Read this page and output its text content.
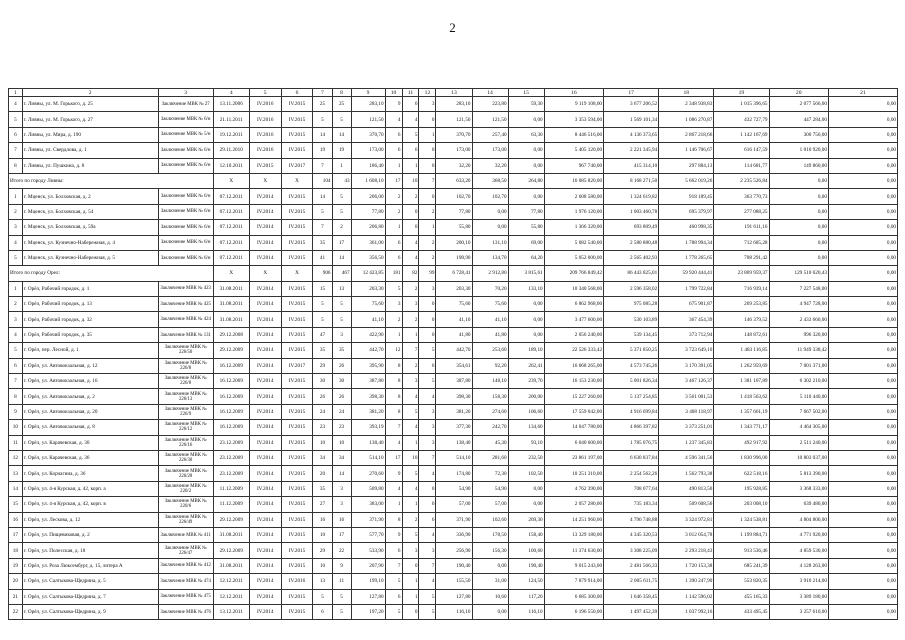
2
1	2	3	4	5	6	7	8	9	10	11	12	13	14	15	16	17	18	19	20	21
4	г. Ливны, ул. М. Горького, д. 25	Заключение МВК № 27	13.11.2006	IV.2016	IV.2015	25	25	283,10	9	6	3	283,10	223,80	59,30	9 119 108,00	3 677 206,52	2 348 938,83	1 015 396,65	2 077 566,00	0,00
5	г. Ливны, ул. М. Горького, д. 27	Заключение МВК № 6/н	21.11.2011	IV.2016	IV.2015	5	5	121,50	4	4	0	121,50	121,50	0,00	3 353 594,00	1 569 101,34	1 086 270,87	432 727,79	447 284,00	0,00
6	г. Ливны, ул. Мира, д. 190	Заключение МВК № 5/н	19.12.2011	IV.2016	IV.2015	14	14	370,70	6	5	1	370,70	257,40	63,30	8 446 516,00	4 136 373,65	2 867 218,66	1 142 167,69	300 756,00	0,00
7	г. Ливны, ул. Свердлова, д. 1	Заключение МВК № 6/н	29.11.2010	IV.2016	IV.2015	19	19	173,00	6	6	0	173,00	173,00	0,00	5 405 120,00	2 221 345,94	1 146 706,67	616 147,59	1 010 920,00	0,00
8	г. Ливны, ул. Пушкина, д. 8	Заключение МВК № 6/н	12.10.2011	IV.2015	IV.2017	7	1	186,40	1	1	0	32,20	32,20	0,00	967 740,00	415 314,10	297 884,13	114 681,77	149 860,00	0,00
Итого по городу Ливны:			X	X	X	104	43	1 608,10	17	10	7	633,20	368,50	264,80	16 085 820,00	8 168 271,50	5 662 019,26	2 235 526,84	0,00	0,00
1	г. Мценск, ул. Болховская, д. 2	Заключение МВК № 6/н	07.12.2011	IV.2014	IV.2015	14	5	206,00	2	2	0	102,70	102,70	0,00	2 608 580,00	1 324 619,82	918 189,45	363 770,73	0,00	0,00
2	г. Мценск, ул. Болховская, д. 54	Заключение МВК № 6/н	07.12.2011	IV.2014	IV.2015	5	5	77,80	2	0	2	77,80	0,00	77,80	1 976 120,00	1 003 460,78	695 379,97	277 088,25	0,00	0,00
3	г. Мценск, ул. Болховская, д. 59а	Заключение МВК № 6/н	07.12.2011	IV.2014	IV.2015	7	2	206,80	1	0	1	55,80	0,00	55,80	1 366 320,00	693 809,49	460 998,35	191 611,16	0,00	0,00
4	г. Мценск, ул. Кузнечно-Набережная, д. 4	Заключение МВК № 6/н	07.12.2011	IV.2014	IV.2015	35	17	361,00	6	4	2	200,10	131,10	69,00	5 082 540,00	2 580 880,48	1 788 994,34	712 685,28	0,00	0,00
5	г. Мценск, ул. Кузнечно-Набережная, д. 5	Заключение МВК № 6/н	07.12.2011	IV.2014	IV.2015	41	14	356,50	6	4	2	198,90	134,70	64,20	5 052 000,00	2 565 402,93	1 778 265,65	708 291,42	0,00	0,00
Итого по городу Орел:			X	X	X	906	467	12 423,85	181	82	99	6 728,41	2 912,80	3 815,61	209 766 849,42	86 443 825,01	59 920 444,41	23 869 959,37	129 510 620,43	0,00
1	г. Орёл, Рабочий городок, д. 1	Заключение МВК № 423	31.08.2011	IV.2014	IV.2015	15	13	203,30	5	2	3	203,30	70,20	133,10	10 340 568,00	2 596 358,02	1 799 722,84	716 939,14	7 227 548,00	0,00
2	г. Орёл, Рабочий городок, д. 13	Заключение МВК № 425	31.08.2011	IV.2014	IV.2015	5	5	75,60	3	3	0	75,60	75,60	0,00	6 862 968,00	975 085,28	675 901,87	269 253,85	4 947 728,00	0,00
3	г. Орёл, Рабочий городок, д. 32	Заключение МВК № 424	31.08.2011	IV.2014	IV.2015	5	5	41,10	2	2	0	41,10	41,10	0,00	3 477 600,00	530 103,89	367 454,39	146 379,52	2 433 660,00	0,00
4	г. Орёл, Рабочий городок, д. 35	Заключение МВК № 131	29.12.2008	IV.2014	IV.2015	47	3	422,90	1	1	0	41,80	41,80	0,00	2 056 240,00	539 134,45	373 712,94	148 872,61	996 320,00	0,00
5	г. Орёл, пер. Лесной, д. 1	Заключение МВК № 226/50	29.12.2009	IV.2014	IV.2015	35	35	442,70	12	7	5	442,70	253,60	189,10	22 526 333,42	5 371 850,25	3 723 649,10	1 483 116,85	11 949 338,42	0,00
6	г. Орёл, ул. Автовокзальная, д. 12	Заключение МВК № 226/8	16.12.2009	IV.2014	IV.2017	29	26	395,90	8	2	6	354,61	92,20	262,41	16 068 265,00	4 573 745,26	3 170 391,05	1 262 959,69	7 001 371,00	0,00
7	г. Орёл, ул. Автовокзальная, д. 16	Заключение МВК № 226/8	16.12.2009	IV.2014	IV.2015	30	30	387,80	8	3	5	387,80	148,10	239,70	16 153 230,00	5 001 826,34	3 467 126,37	1 381 107,89	6 302 210,00	0,00
8	г. Орёл, ул. Автовокзальная, д. 2	Заключение МВК № 226/13	16.12.2009	IV.2014	IV.2015	26	26	398,30	8	4	4	398,30	158,30	200,00	15 227 260,00	5 137 254,85	3 561 001,53	1 418 563,62	5 110 440,00	0,00
9	г. Орёл, ул. Автовокзальная, д. 20	Заключение МВК № 226/9	16.12.2009	IV.2014	IV.2015	24	24	381,20	8	5	3	381,20	274,60	106,60	17 559 042,00	4 916 699,84	3 408 118,97	1 357 661,19	7 667 502,00	0,00
10	г. Орёл, ул. Автовокзальная, д. 8	Заключение МВК № 226/12	16.12.2009	IV.2014	IV.2015	23	23	393,19	7	4	3	377,30	242,70	134,60	14 047 780,00	4 866 397,82	3 373 251,01	1 343 771,17	4 464 305,00	0,00
11	г. Орёл, ул. Карачевская, д. 30	Заключение МВК № 226/16	23.12.2009	IV.2014	IV.2015	10	10	138,40	4	1	3	138,40	45,30	93,10	6 040 600,00	1 785 076,75	1 237 345,83	492 917,92	2 511 240,00	0,00
12	г. Орёл, ул. Карачевская, д. 36	Заключение МВК № 226/30	23.12.2009	IV.2014	IV.2015	34	34	514,10	17	10	7	514,10	281,60	232,50	23 861 197,00	6 630 837,84	4 596 341,56	1 830 996,00	10 803 037,00	0,00
13	г. Орёл, ул. Корчагина, д. 36	Заключение МВК № 226/28	23.12.2009	IV.2014	IV.2015	20	14	270,60	9	5	4	174,80	72,30	102,50	10 251 310,00	2 254 562,26	1 562 793,38	622 518,16	5 813 390,00	0,00
14	г. Орёл, ул. 4-я Курская, д. 42, корп. а	Заключение МВК № 220/2	11.12.2009	IV.2014	IV.2015	35	3	509,80	4	4	0	54,90	54,90	0,00	4 762 390,00	708 077,64	490 813,50	195 928,85	3 368 333,00	0,00
15	г. Орёл, ул. 4-я Курская, д. 42, корп. в	Заключение МВК № 220/6	11.12.2009	IV.2014	IV.2015	27	3	383,00	1	1	0	57,00	57,00	0,00	2 057 280,00	735 183,34	509 608,56	203 008,10	639 480,00	0,00
16	г. Орёл, ул. Лескова, д. 12	Заключение МВК № 226/49	29.12.2009	IV.2014	IV.2015	16	16	371,90	8	2	6	371,90	102,60	269,30	14 251 960,00	4 796 748,88	3 324 972,81	1 324 538,81	4 804 800,00	0,00
17	г. Орёл, ул. Пищевиковая, д. 2	Заключение МВК № 411	31.08.2011	IV.2014	IV.2015	10	17	577,70	9	5	4	336,90	178,50	158,40	13 329 180,00	4 345 320,53	3 012 054,78	1 199 884,71	4 771 920,00	0,00
18	г. Орёл, ул. Полесская, д. 18	Заключение МВК № 226/47	29.12.2009	IV.2014	IV.2015	29	22	533,90	6	3	3	256,90	156,30	100,60	11 374 630,00	3 308 225,09	2 293 218,43	913 536,46	4 859 530,00	0,00
19	г. Орёл, ул. Роза Люксембург, д. 15, литера А	Заключение МВК № 412	31.08.2011	IV.2014	IV.2015	10	9	207,90	7	0	7	190,40	0,00	190,40	9 015 243,00	2 481 566,33	1 720 153,38	685 241,39	4 128 263,00	0,00
20	г. Орёл, ул. Салтыкова-Щедрина, д. 5	Заключение МВК № 474	12.12.2011	IV.2014	IV.2016	13	11	199,10	5	1	4	155,50	31,00	124,50	7 879 914,00	2 005 611,75	1 390 247,90	553 820,35	3 910 214,00	0,00
21	г. Орёл, ул. Салтыкова-Щедрина, д. 7	Заключение МВК № 475	12.12.2011	IV.2014	IV.2015	5	5	127,80	6	1	5	127,80	10,60	117,20	6 685 300,00	1 646 358,45	1 142 596,02	455 165,33	3 389 180,00	0,00
22	г. Орёл, ул. Салтыкова-Щедрина, д. 9	Заключение МВК № 476	13.12.2011	IV.2014	IV.2015	6	5	197,20	5	0	5	116,10	0,00	116,10	6 196 550,00	1 497 452,39	1 037 992,16	433 495,45	3 257 610,00	0,00
